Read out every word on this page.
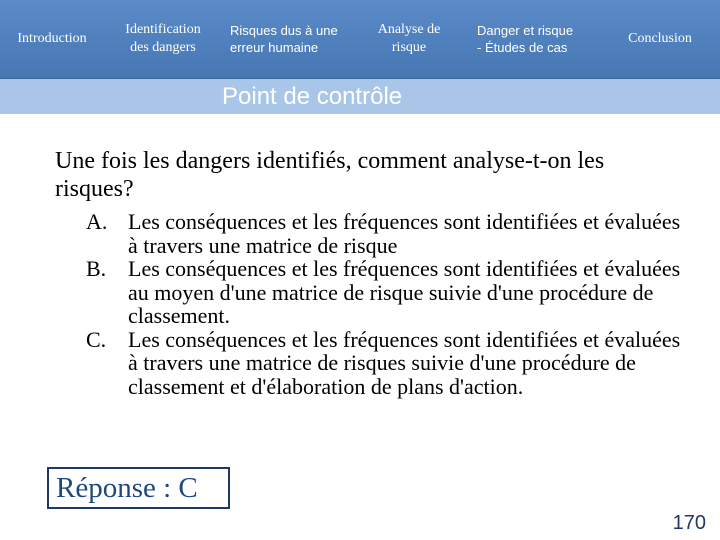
Introduction
Identification
des dangers
Risques dus à une
erreur humaine
Analyse de
risque
Danger et risque
- Études de cas
Conclusion
Point de contrôle
Une fois les dangers identifiés, comment analyse-t-on les risques?
A. Les conséquences et les fréquences sont identifiées et évaluées à travers une matrice de risque
B. Les conséquences et les fréquences sont identifiées et évaluées au moyen d'une matrice de risque suivie d'une procédure de classement.
C. Les conséquences et les fréquences sont identifiées et évaluées à travers une matrice de risques suivie d'une procédure de classement et d'élaboration de plans d'action.
Réponse : C
170
